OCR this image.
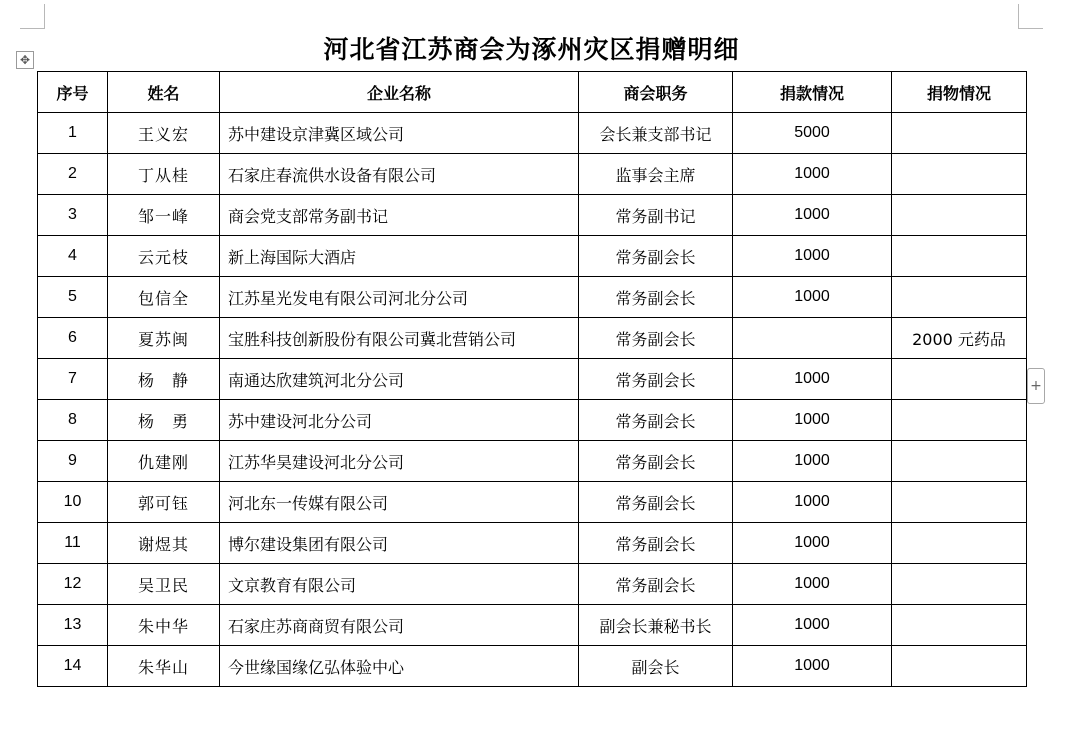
✥	河北省江苏商会为涿州灾区捐赠明细
序号	姓名	企业名称	商会职务	捐款情况	捐物情况
1	王义宏	苏中建设京津冀区域公司	会长兼支部书记	5000	
2	丁从桂	石家庄春流供水设备有限公司	监事会主席	1000	
3	邹一峰	商会党支部常务副书记	常务副书记	1000	
4	云元枝	新上海国际大酒店	常务副会长	1000	
5	包信全	江苏星光发电有限公司河北分公司	常务副会长	1000	
6	夏苏闽	宝胜科技创新股份有限公司冀北营销公司	常务副会长		2000 元药品
7	杨　静	南通达欣建筑河北分公司	常务副会长	1000	
8	杨　勇	苏中建设河北分公司	常务副会长	1000	
9	仇建刚	江苏华昊建设河北分公司	常务副会长	1000	
10	郭可钰	河北东一传媒有限公司	常务副会长	1000	
11	谢煜其	博尔建设集团有限公司	常务副会长	1000	
12	吴卫民	文京教育有限公司	常务副会长	1000	
13	朱中华	石家庄苏商商贸有限公司	副会长兼秘书长	1000	
14	朱华山	今世缘国缘亿弘体验中心	副会长	1000	
+
